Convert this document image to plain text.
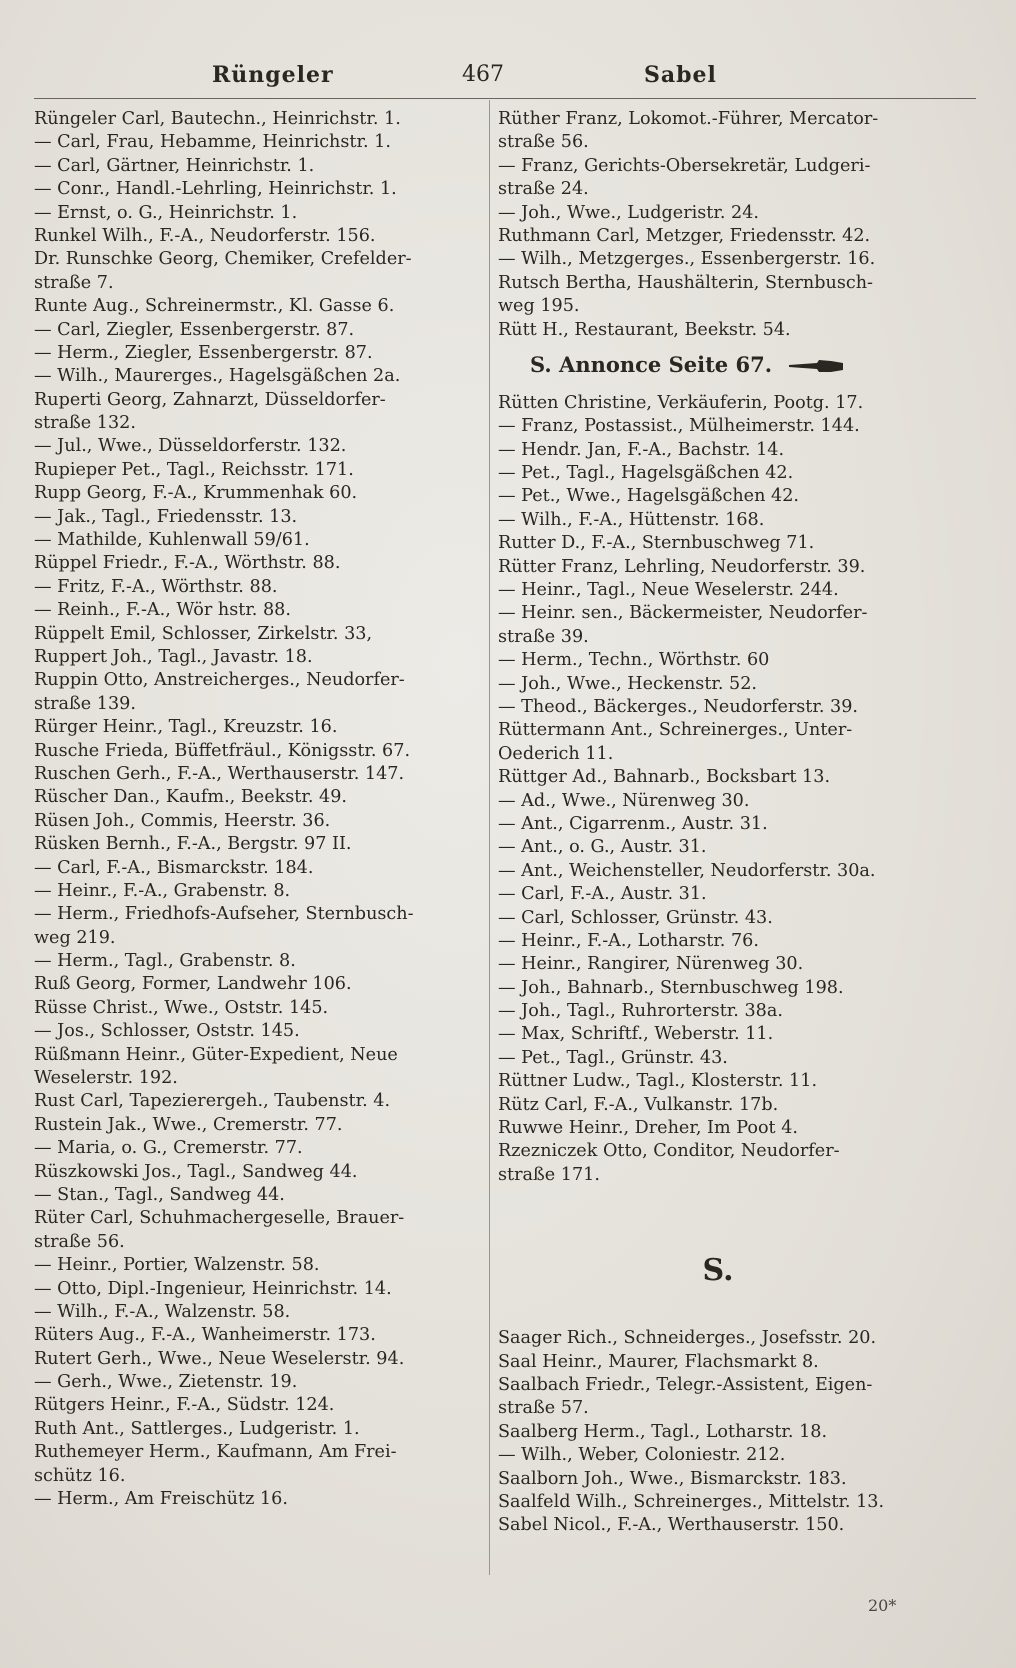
Rüngeler	467	Sabel
Rüngeler Carl, Bautechn., Heinrichstr. 1.
— Carl, Frau, Hebamme, Heinrichstr. 1.
— Carl, Gärtner, Heinrichstr. 1.
— Conr., Handl.-Lehrling, Heinrichstr. 1.
— Ernst, o. G., Heinrichstr. 1.
Runkel Wilh., F.-A., Neudorferstr. 156.
Dr. Runschke Georg, Chemiker, Crefelder-
straße 7.
Runte Aug., Schreinermstr., Kl. Gasse 6.
— Carl, Ziegler, Essenbergerstr. 87.
— Herm., Ziegler, Essenbergerstr. 87.
— Wilh., Maurerges., Hagelsgäßchen 2a.
Ruperti Georg, Zahnarzt, Düsseldorfer-
straße 132.
— Jul., Wwe., Düsseldorferstr. 132.
Rupieper Pet., Tagl., Reichsstr. 171.
Rupp Georg, F.-A., Krummenhak 60.
— Jak., Tagl., Friedensstr. 13.
— Mathilde, Kuhlenwall 59/61.
Rüppel Friedr., F.-A., Wörthstr. 88.
— Fritz, F.-A., Wörthstr. 88.
— Reinh., F.-A., Wör hstr. 88.
Rüppelt Emil, Schlosser, Zirkelstr. 33,
Ruppert Joh., Tagl., Javastr. 18.
Ruppin Otto, Anstreicherges., Neudorfer-
straße 139.
Rürger Heinr., Tagl., Kreuzstr. 16.
Rusche Frieda, Büffetfräul., Königsstr. 67.
Ruschen Gerh., F.-A., Werthauserstr. 147.
Rüscher Dan., Kaufm., Beekstr. 49.
Rüsen Joh., Commis, Heerstr. 36.
Rüsken Bernh., F.-A., Bergstr. 97 II.
— Carl, F.-A., Bismarckstr. 184.
— Heinr., F.-A., Grabenstr. 8.
— Herm., Friedhofs-Aufseher, Sternbusch-
weg 219.
— Herm., Tagl., Grabenstr. 8.
Ruß Georg, Former, Landwehr 106.
Rüsse Christ., Wwe., Oststr. 145.
— Jos., Schlosser, Oststr. 145.
Rüßmann Heinr., Güter-Expedient, Neue
Weselerstr. 192.
Rust Carl, Tapezierergeh., Taubenstr. 4.
Rustein Jak., Wwe., Cremerstr. 77.
— Maria, o. G., Cremerstr. 77.
Rüszkowski Jos., Tagl., Sandweg 44.
— Stan., Tagl., Sandweg 44.
Rüter Carl, Schuhmachergeselle, Brauer-
straße 56.
— Heinr., Portier, Walzenstr. 58.
— Otto, Dipl.-Ingenieur, Heinrichstr. 14.
— Wilh., F.-A., Walzenstr. 58.
Rüters Aug., F.-A., Wanheimerstr. 173.
Rutert Gerh., Wwe., Neue Weselerstr. 94.
— Gerh., Wwe., Zietenstr. 19.
Rütgers Heinr., F.-A., Südstr. 124.
Ruth Ant., Sattlerges., Ludgeristr. 1.
Ruthemeyer Herm., Kaufmann, Am Frei-
schütz 16.
— Herm., Am Freischütz 16.
Rüther Franz, Lokomot.-Führer, Mercator-
straße 56.
— Franz, Gerichts-Obersekretär, Ludgeri-
straße 24.
— Joh., Wwe., Ludgeristr. 24.
Ruthmann Carl, Metzger, Friedensstr. 42.
— Wilh., Metzgerges., Essenbergerstr. 16.
Rutsch Bertha, Haushälterin, Sternbusch-
weg 195.
Rütt H., Restaurant, Beekstr. 54.
S. Annonce Seite 67.
Rütten Christine, Verkäuferin, Pootg. 17.
— Franz, Postassist., Mülheimerstr. 144.
— Hendr. Jan, F.-A., Bachstr. 14.
— Pet., Tagl., Hagelsgäßchen 42.
— Pet., Wwe., Hagelsgäßchen 42.
— Wilh., F.-A., Hüttenstr. 168.
Rutter D., F.-A., Sternbuschweg 71.
Rütter Franz, Lehrling, Neudorferstr. 39.
— Heinr., Tagl., Neue Weselerstr. 244.
— Heinr. sen., Bäckermeister, Neudorfer-
straße 39.
— Herm., Techn., Wörthstr. 60
— Joh., Wwe., Heckenstr. 52.
— Theod., Bäckerges., Neudorferstr. 39.
Rüttermann Ant., Schreinerges., Unter-
Oederich 11.
Rüttger Ad., Bahnarb., Bocksbart 13.
— Ad., Wwe., Nürenweg 30.
— Ant., Cigarrenm., Austr. 31.
— Ant., o. G., Austr. 31.
— Ant., Weichensteller, Neudorferstr. 30a.
— Carl, F.-A., Austr. 31.
— Carl, Schlosser, Grünstr. 43.
— Heinr., F.-A., Lotharstr. 76.
— Heinr., Rangirer, Nürenweg 30.
— Joh., Bahnarb., Sternbuschweg 198.
— Joh., Tagl., Ruhrorterstr. 38a.
— Max, Schriftf., Weberstr. 11.
— Pet., Tagl., Grünstr. 43.
Rüttner Ludw., Tagl., Klosterstr. 11.
Rütz Carl, F.-A., Vulkanstr. 17b.
Ruwwe Heinr., Dreher, Im Poot 4.
Rzezniczek Otto, Conditor, Neudorfer-
straße 171.
S.
Saager Rich., Schneiderges., Josefsstr. 20.
Saal Heinr., Maurer, Flachsmarkt 8.
Saalbach Friedr., Telegr.-Assistent, Eigen-
straße 57.
Saalberg Herm., Tagl., Lotharstr. 18.
— Wilh., Weber, Coloniestr. 212.
Saalborn Joh., Wwe., Bismarckstr. 183.
Saalfeld Wilh., Schreinerges., Mittelstr. 13.
Sabel Nicol., F.-A., Werthauserstr. 150.
20*
